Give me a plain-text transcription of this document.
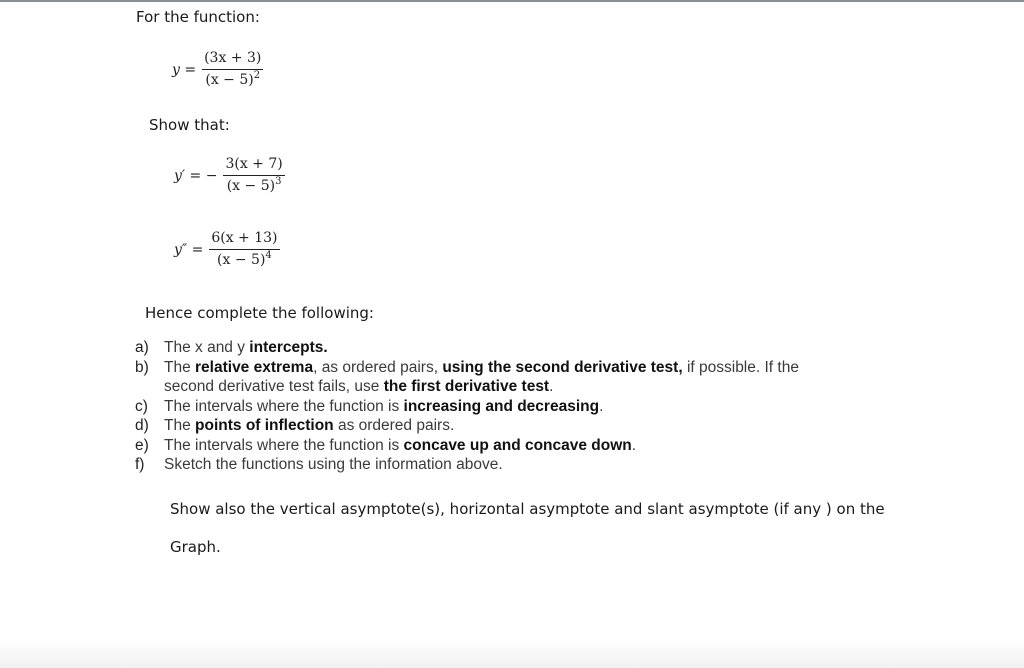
For the function:
$y = \frac{(3x + 3)}{(x - 5)^2}$
Show that:
y′ = − $\frac{3(x + 7)}{(x - 5)^3}$
$y'' = \frac{6(x + 13)}{(x - 5)^4}$
Hence complete the following:
a) The x and y intercepts.
b) The relative extrema, as ordered pairs, using the second derivative test, if possible. If the
second derivative test fails, use the first derivative test.
c) The intervals where the function is increasing and decreasing.
d) The points of inflection as ordered pairs.
e) The intervals where the function is concave up and concave down.
f) Sketch the functions using the information above.
Show also the vertical asymptote(s), horizontal asymptote and slant asymptote (if any ) on the
Graph.
